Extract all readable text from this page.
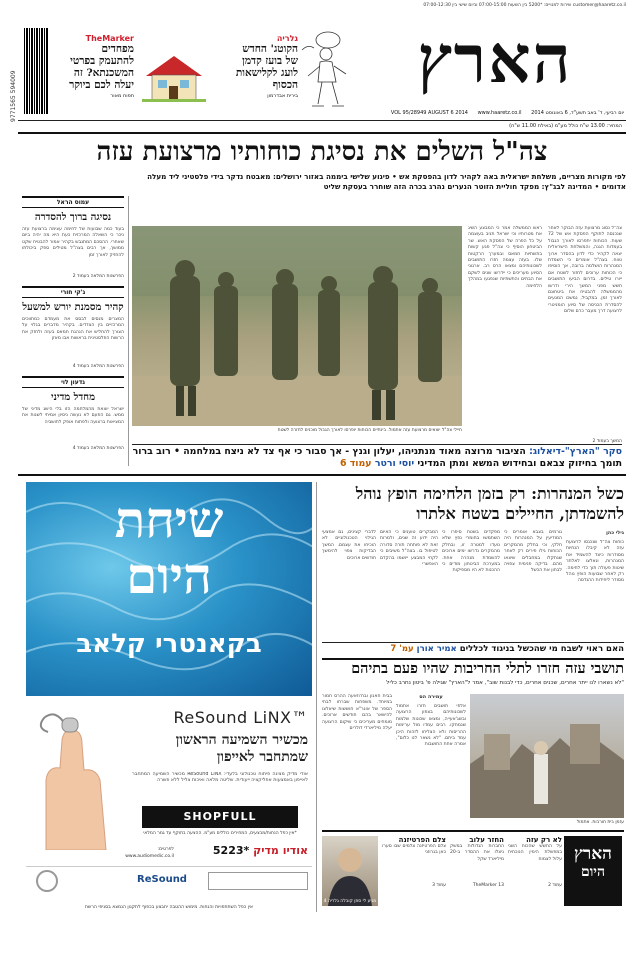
customer@haaretz.co.il שירות למנויים: *5200 בין השעות 07:00-15:00 וביום שישי בין 07:00-12:30
9771565 594009
TheMarker
מפחדים
להתעמק בפרטי
המשכנתא? זה
יעלה לכם ביוקר
תפוח מאור
גלריה
הקוטג' החדש
של בועז קדמן
לועג לקלישאות
הכסוף
בירית אבדרמון	הארץ
יום רביעי, ד' באב תשע"ד, 6 באוגוסט 2014 VOL 95/28949 AUGUST 6 2014 www.haaretz.co.il
המחיר: 13.00 ש"ח כולל מע"מ (באילת 11.00 ש"ח)
צה"ל השלים את נסיגת כוחותיו מרצועת עזה
לפי מקורות מצריים, משלחת ישראלית באה לקהיר לדון בהפסקת אש • פיגוע שלישי ביממה באזור ירושלים: מאבטח נדקר בידי פלסטיני ליד מעלה אדומים • המדינה לבג"ץ: מפקד חוליית הזוטר הנערים נהרג בכרה הזה שוחרר בעסקת שליט
עמוס הראל
נסיגה ברוך להסדרה
בעוד כמה שבועות של לחימה עצימה ברצועת עזה ניכר כי השאלה המרכזית כעת היא מה יהיה ביום שאחרי. ההסכם המתגבש בקהיר אמור להבטיח שקט ממושך, אך רבים בצה"ל מטילים ספק ביכולתו להחזיק לאורך זמן
הפרשנות המלאה בעמוד 2
ג'קי חורי
קהיר מסמנת יורש למשעל
המצרים מנסים לבסס את מעמדם כמתווכים המרכזיים בין הצדדים. בקהיר מדברים בגלוי על הצורך להחליש את הנהגת חמאס בעזה ולחזק את הרשות הפלסטינית בראשות אבו מאזן
הפרשנות המלאה בעמוד 4
גדעון לוי
מחדל מדיני
ישראל יוצאת מהמלחמה הזו בלי הישג מדיני של ממש. גם הפעם לא נעשה ניסיון אמיתי לשנות את המציאות ברצועה ולפתוח אופק לתושביה
הפרשנות המלאה בעמוד 4
חיילי צה"ל יוצאים מרצועת עזה אתמול. בינתיים הכוחות יופרסו לאורך הגבול מוכנים לחזרה לשטח
צה"ל נסוג מרצועת עזה הבוקר לאחר שנכנסה לתוקף הפסקת אש של 72 שעות. הכוחות יתפרסו לאורך הגבול בעמדות הגנה, והמשלחת הישראלית יצאה לקהיר כדי לדון בהסדר ארוך טווח. בצה"ל אומרים כי השמדת המנהרות הושלמה ברובה, אך הוסיפו כי הכוחות ערוכים לחזור לשטח אם ייורו טילים. בדרום הביעו התושבים חשש מפני המשך הירי ודרשו מהממשלה להבטיח את ביטחונם לאורך זמן. במקביל, נמשכו המגעים להסדרת הכניסה של סיוע הומניטרי לרצועה דרך מעבר כרם שלום
ראש הממשלה אמר כי המבצע השיג את מטרותיו וכי ישראל תגיב בעוצמה על כל הפרה של הפסקת האש. שר הביטחון הוסיף כי צה"ל פגע קשות בתשתיות חמאס ובמערך הרקטות שלו. בעזה עצמה חזרו התושבים לשכונותיהם ומצאו הרס רב. ארגוני הסיוע מעריכים כי יידרשו שנים לשקם את הבתים והתשתיות שנפגעו במהלך הלחימה
המשך בעמוד 2
סקר "הארץ"-דיאלוג: הציבור מרוצה מאוד מנתניהו, יעלון וגנץ - אך סבור כי אף צד לא ניצח במלחמה • רוב ברור תומך בחיזוק צבאם ובחידוש המשא ומתן המדיני יוסי ורטר עמוד 6
שיחת
היום
בקאנטרי קלאב
ReSound LiNX™
מכשיר השמיעה הראשון שמתחבר לאייפון
אודי מדיק מציגה פיתוח טכנולוגי בלעדי: ReSound LiNX מכשיר השמיעה המתחבר לאייפון באמצעות אפליקציה ייעודית. שליטה מלאה ואיכות צליל ללא פשרה
SHOPFULL
*אין כפל הנחות/מבצעים, המחירים כוללים מע"מ. ההצעה בתוקף עד גמר המלאי
אודיו מדיק *5223
לפרטים: www.audiomedic.co.il
ReSound
אין כפל השתתפויות והנחות. מימוש ההטבה יתבצע בכפוף לתקנון הנמצא בסניפי הרשת
כשל המנהרות: רק בזמן הלחימה הופץ נוהל להשמדתן, החיילים בשטח אלתרו
גילי כהן
כוחות צה"ל שנכנסו לרצועת עזה לא קיבלו הנחיות מסודרות כיצד להשמיד את המנהרות, ונאלצו לאלתר שיטות פעולה תוך כדי לחימה. רק לאחר שבועות הופץ נוהל מסודר ליחידות ההנדסה
גורמים בצבא אומרים כי המודיעין על המנהרות היה חלקי, וכי בחלק מהמקרים הכוחות גילו פירים רק לאחר שנתקלו במחבלים שיצאו מהם. בדיקה פנימית צפויה לבחון את הכשל
מפקדים בשטח סיפרו כי השתמשו בחומרי נפץ שלא נועדו למטרה זו, ובחלק מהמקרים נדרשו ימים ארוכים להשמדת מנהרה אחת. במערכת הביטחון מודים כי ההכנות לא היו מספיקות
המבקרים טוענים כי האיום היה ידוע זה שנים, ולמרות זאת לא פותחה תורה סדורה לטיפול בו. בצה"ל משיבים כי לקחי המבצע ייושמו בהקדם האפשרי
לדברי קצינים, גם אמצעי הגילוי הטכנולוגיים לא הוכיחו את עצמם. המשך הבדיקות צפוי להימשך חודשים ארוכים
האם ראוי לשבח מי שהכשל בניגוד לכללים אמיר אורן עמ' 7
תושבי עזה חזרו לתלי החריבות שהיו פעם בתיהם
"לא נשארו לנו ייתר אחרים, שכנים אחרים, כדי לבנות שוב", אמר ל"הארץ" שגילה פ' ביטון נחרב כליל
עזמן בית חורבות. אתמול
עמירה הס
אלפי תושבים חזרו אתמול לשכונותיהם בצפון הרצועה ובשג'אעייה, ומצאו שכונות שלמות שנמחקו. רבים עמדו מול ערימות ההריסות ולא הצליחו לזהות היכן עמד ביתם. "לא נשאר לנו כלום", אמרה אחת התושבות
בבית חאנון ובח'וזאעה ההרס חמור במיוחד. משפחות שברחו לבתי הספר של אונר"א חוששות שיאלצו להישאר בהם חודשים ארוכים. מומחים מעריכים כי שיקום הרצועה יעלה מיליארדי דולרים
הארץ
היום
לא רק עזה
על החשש שהכוח השני במפשלת הימין הנוכחית עלול לצמוח
עמוד 2
החזר עלוב
החברות הגדולות במשק ניצלו את ההסדר ב-20 מיליארד שקל
13 TheMarker
צלם הפרטיזנה
צלם הפרטיזנה צלמים שבו סערו כאן בגרוזני
עמוד 3
מגיע לי סוזן קובלה גלריה 4
